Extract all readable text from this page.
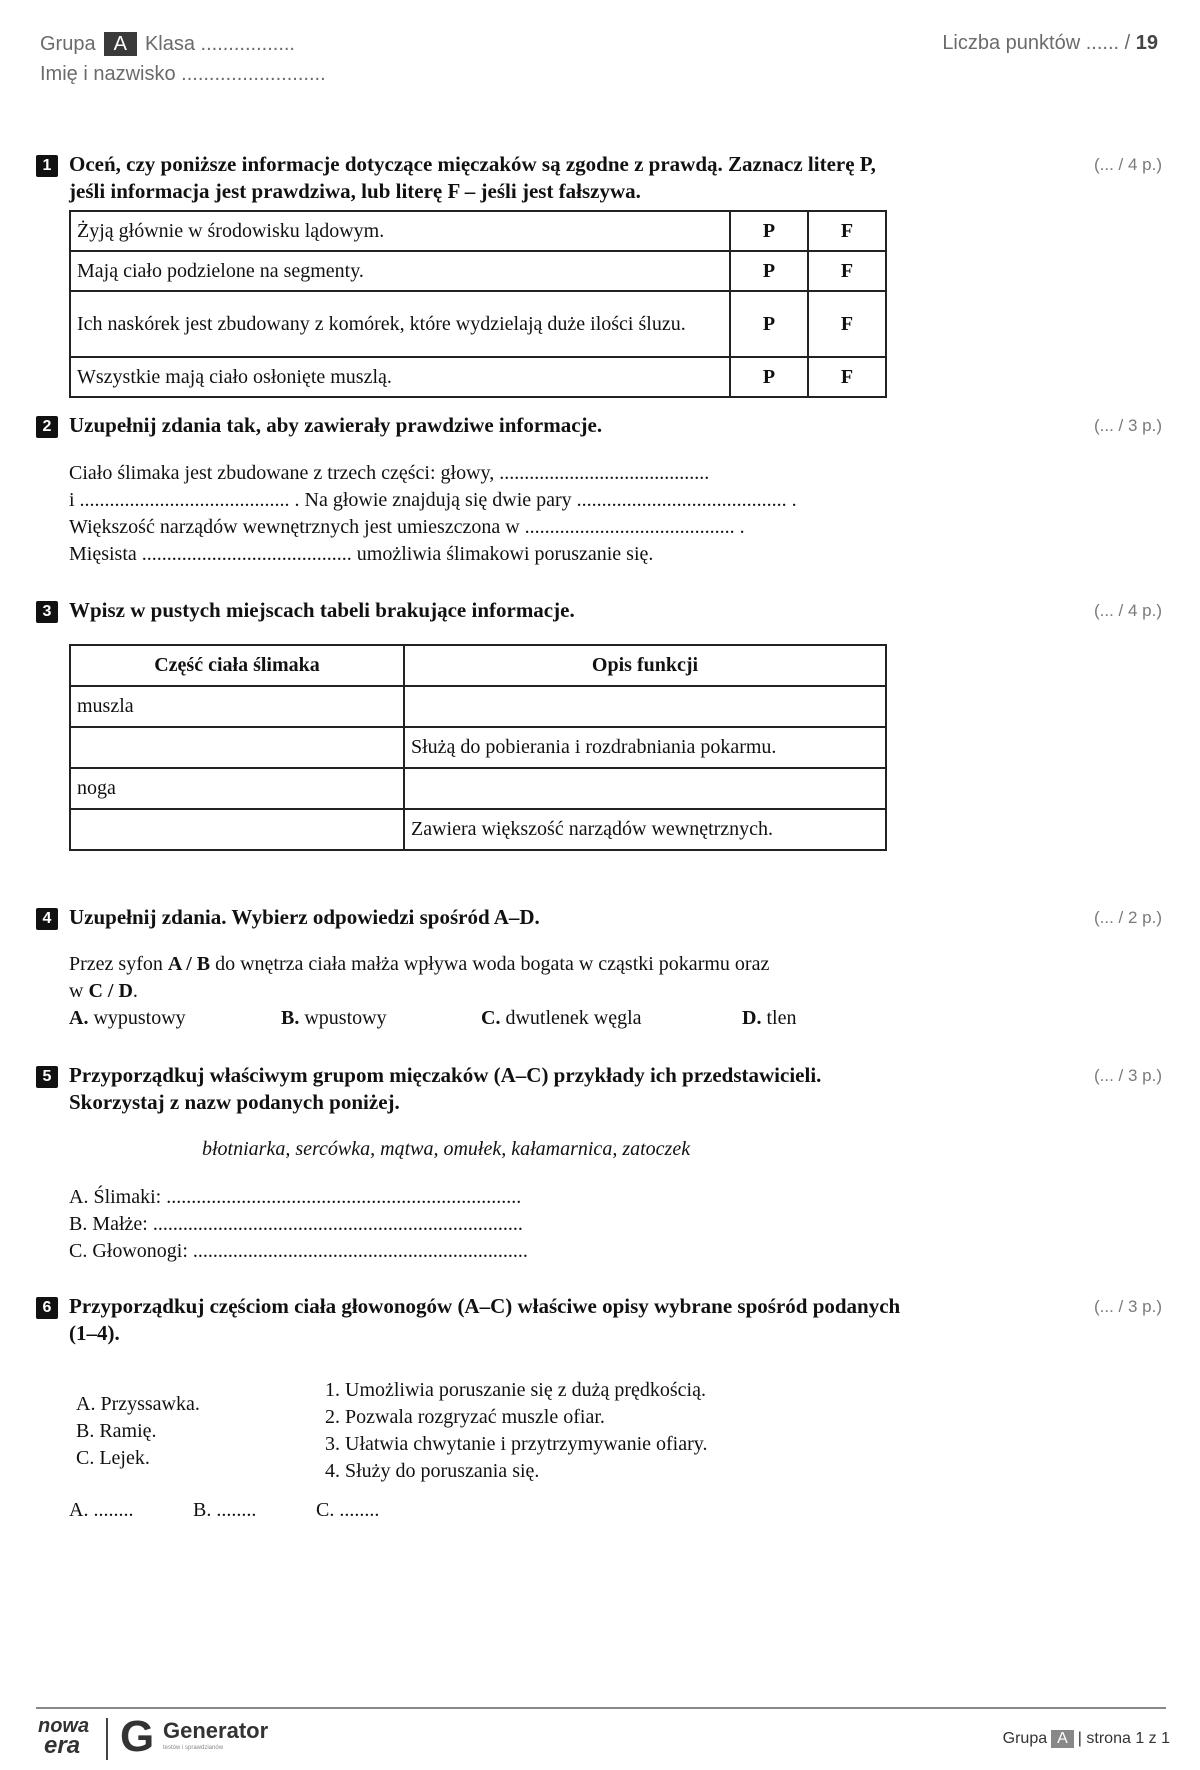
Grupa A Klasa .................
Imię i nazwisko ..........................
Liczba punktów ...... / 19
1 Oceń, czy poniższe informacje dotyczące mięczaków są zgodne z prawdą. Zaznacz literę P, jeśli informacja jest prawdziwa, lub literę F – jeśli jest fałszywa.
(... / 4 p.)
Żyją głównie w środowisku lądowym.	P	F
Mają ciało podzielone na segmenty.	P	F
Ich naskórek jest zbudowany z komórek, które wydzielają duże ilości śluzu.	P	F
Wszystkie mają ciało osłonięte muszlą.	P	F
2 Uzupełnij zdania tak, aby zawierały prawdziwe informacje.	(... / 3 p.)
Ciało ślimaka jest zbudowane z trzech części: głowy, ..........................................
i .......................................... . Na głowie znajdują się dwie pary .......................................... .
Większość narządów wewnętrznych jest umieszczona w .......................................... .
Mięsista .......................................... umożliwia ślimakowi poruszanie się.
3 Wpisz w pustych miejscach tabeli brakujące informacje.	(... / 4 p.)
Część ciała ślimaka	Opis funkcji
muszla	
	Służą do pobierania i rozdrabniania pokarmu.
noga	
	Zawiera większość narządów wewnętrznych.
4 Uzupełnij zdania. Wybierz odpowiedzi spośród A–D.	(... / 2 p.)
Przez syfon A / B do wnętrza ciała małża wpływa woda bogata w cząstki pokarmu oraz
w C / D.
A. wypustowy	B. wpustowy	C. dwutlenek węgla	D. tlen
5 Przyporządkuj właściwym grupom mięczaków (A–C) przykłady ich przedstawicieli. Skorzystaj z nazw podanych poniżej.
(... / 3 p.)
błotniarka, sercówka, mątwa, omułek, kałamarnica, zatoczek
A. Ślimaki: .......................................................................
B. Małże: ..........................................................................
C. Głowonogi: ...................................................................
6 Przyporządkuj częściom ciała głowonogów (A–C) właściwe opisy wybrane spośród podanych (1–4).
(... / 3 p.)
A. Przyssawka.
B. Ramię.
C. Lejek.
1. Umożliwia poruszanie się z dużą prędkością.
2. Pozwala rozgryzać muszle ofiar.
3. Ułatwia chwytanie i przytrzymywanie ofiary.
4. Służy do poruszania się.
A. ........	B. ........	C. ........
nowa
era G Generator
testów i sprawdzianów
Grupa A | strona 1 z 1
